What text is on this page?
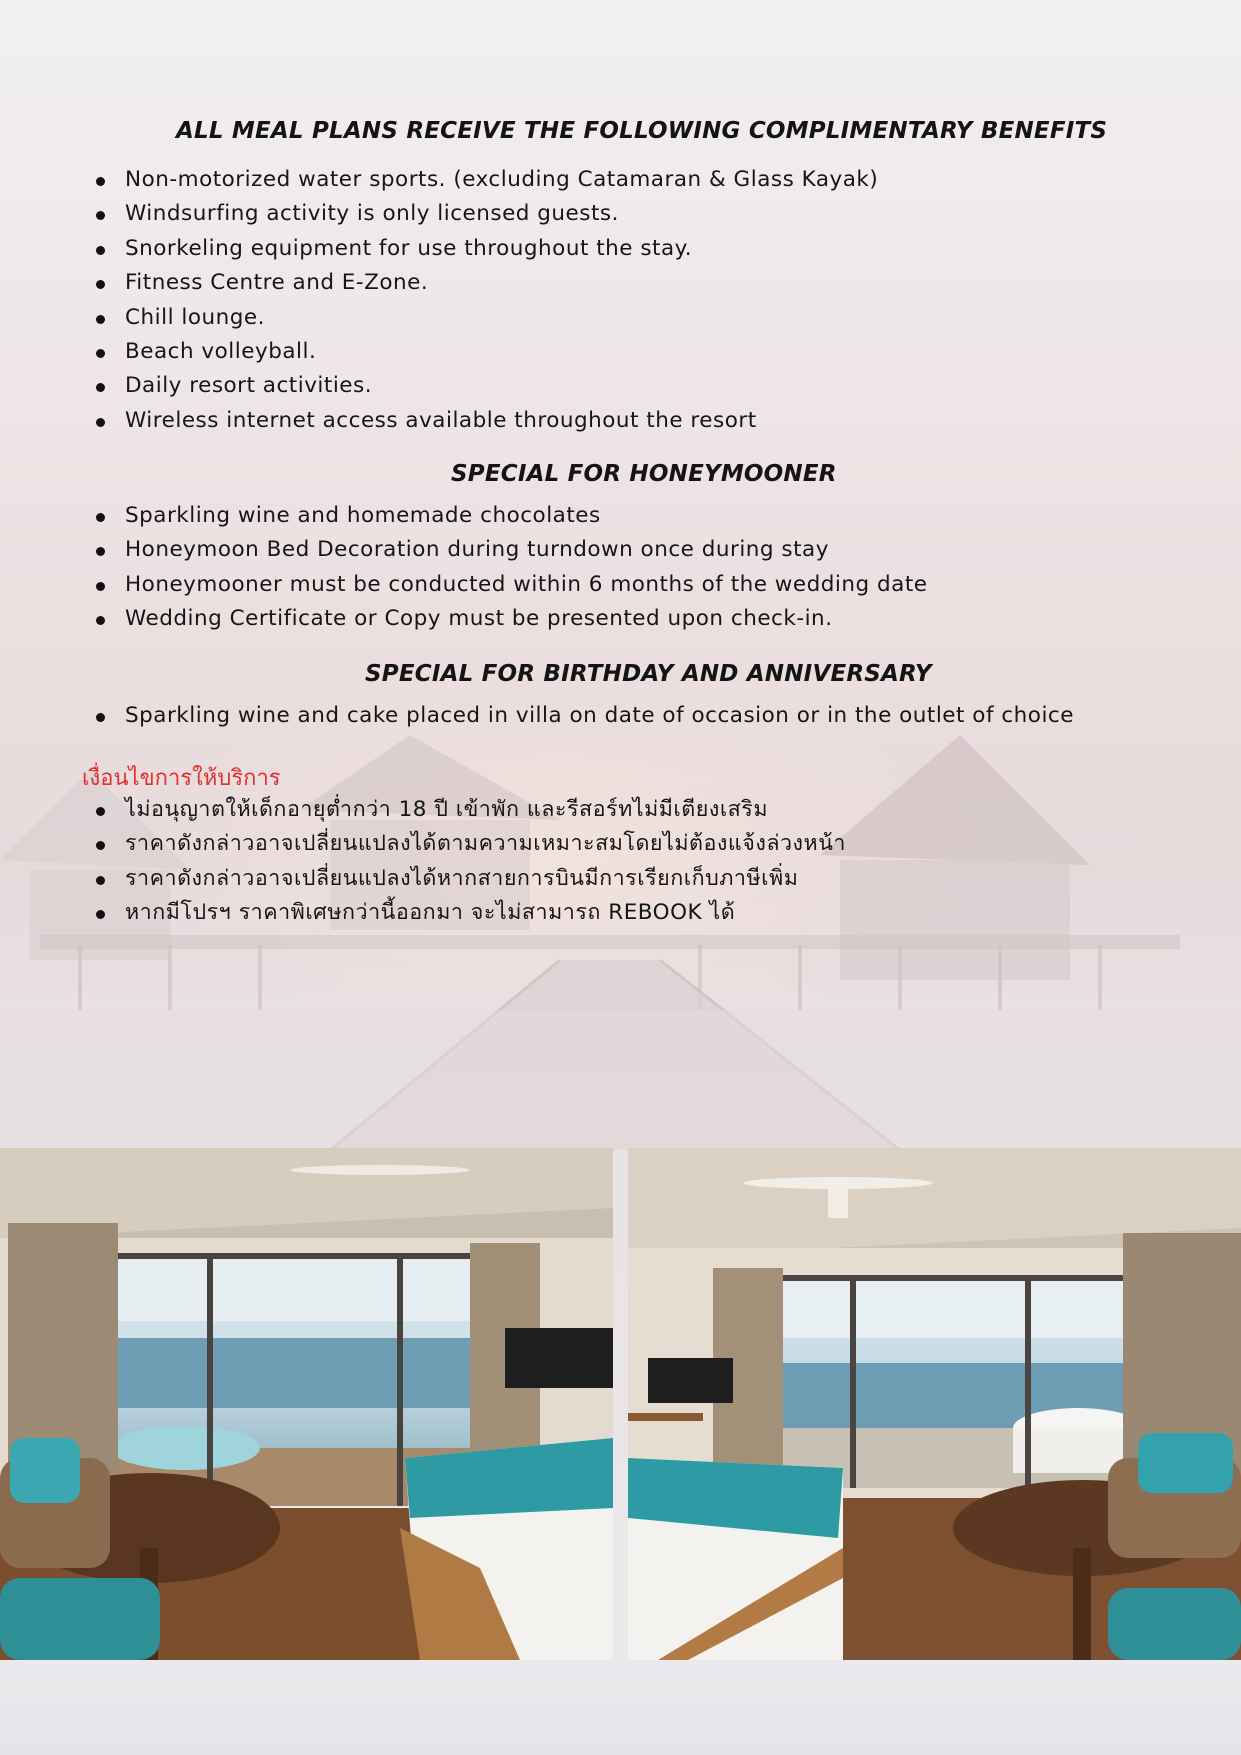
ALL MEAL PLANS RECEIVE THE FOLLOWING COMPLIMENTARY BENEFITS
Non-motorized water sports. (excluding Catamaran & Glass Kayak)
Windsurfing activity is only licensed guests.
Snorkeling equipment for use throughout the stay.
Fitness Centre and E-Zone.
Chill lounge.
Beach volleyball.
Daily resort activities.
Wireless internet access available throughout the resort
SPECIAL FOR HONEYMOONER
Sparkling wine and homemade chocolates
Honeymoon Bed Decoration during turndown once during stay
Honeymooner must be conducted within 6 months of the wedding date
Wedding Certificate or Copy must be presented upon check-in.
SPECIAL FOR BIRTHDAY AND ANNIVERSARY
Sparkling wine and cake placed in villa on date of occasion or in the outlet of choice
เงื่อนไขการให้บริการ
ไม่อนุญาตให้เด็กอายุต่ำกว่า 18 ปี เข้าพัก และรีสอร์ทไม่มีเตียงเสริม
ราคาดังกล่าวอาจเปลี่ยนแปลงได้ตามความเหมาะสมโดยไม่ต้องแจ้งล่วงหน้า
ราคาดังกล่าวอาจเปลี่ยนแปลงได้หากสายการบินมีการเรียกเก็บภาษีเพิ่ม
หากมีโปรฯ ราคาพิเศษกว่านี้ออกมา จะไม่สามารถ REBOOK ได้
